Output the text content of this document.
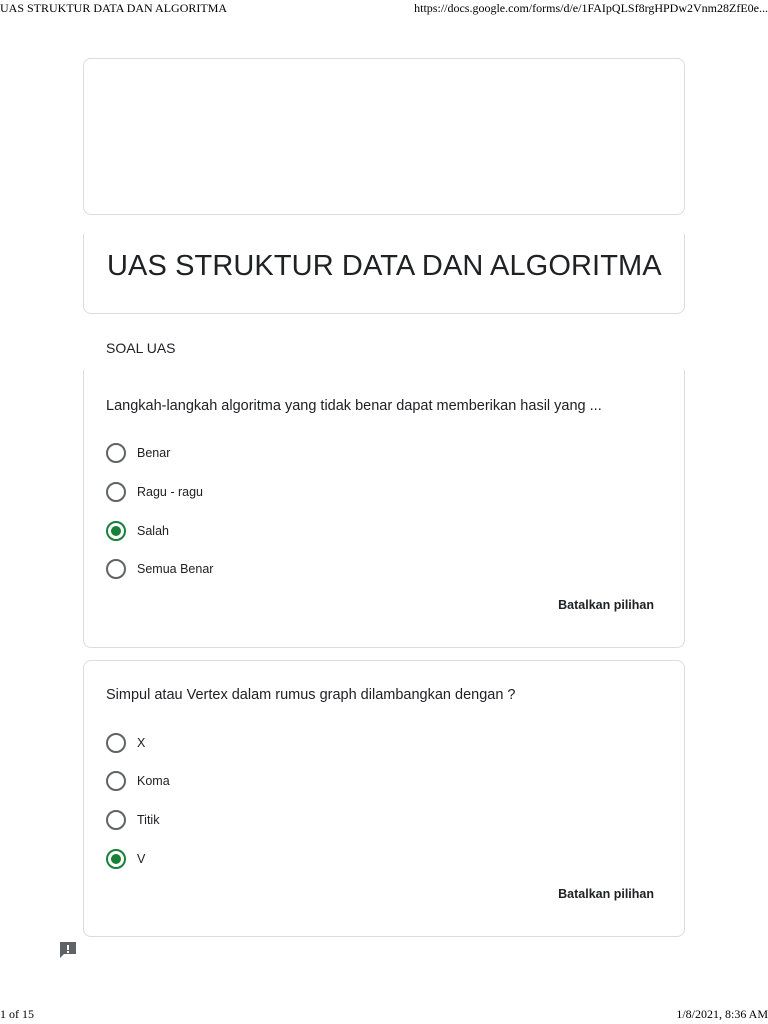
UAS STRUKTUR DATA DAN ALGORITMA	https://docs.google.com/forms/d/e/1FAIpQLSf8rgHPDw2Vnm28ZfE0e...
UAS STRUKTUR DATA DAN ALGORITMA
SOAL UAS
Langkah-langkah algoritma yang tidak benar dapat memberikan hasil yang ...
Benar
Ragu - ragu
Salah
Semua Benar
Batalkan pilihan
Simpul atau Vertex dalam rumus graph dilambangkan dengan ?
X
Koma
Titik
V
Batalkan pilihan
1 of 15	1/8/2021, 8:36 AM
